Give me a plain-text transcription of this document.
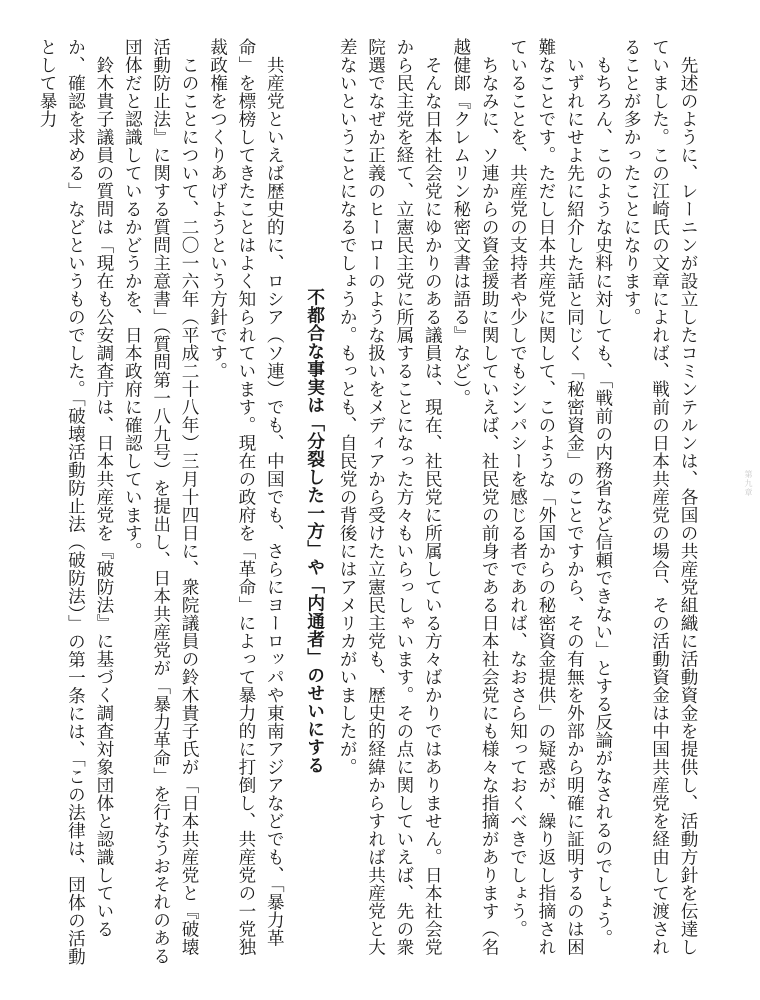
先述のように、レーニンが設立したコミンテルンは、各国の共産党組織に活動資金を提供し、活動方針を伝達していました。この江崎氏の文章によれば、戦前の日本共産党の場合、その活動資金は中国共産党を経由して渡されることが多かったことになります。

もちろん、このような史料に対しても、「戦前の内務省など信頼できない」とする反論がなされるのでしょう。

いずれにせよ先に紹介した話と同じく「秘密資金」のことですから、その有無を外部から明確に証明するのは困難なことです。ただし日本共産党に関して、このような「外国からの秘密資金提供」の疑惑が、繰り返し指摘されていることを、共産党の支持者や少しでもシンパシーを感じる者であれば、なおさら知っておくべきでしょう。

ちなみに、ソ連からの資金援助に関していえば、社民党の前身である日本社会党にも様々な指摘があります（名越健郎『クレムリン秘密文書は語る』など）。

そんな日本社会党にゆかりのある議員は、現在、社民党に所属している方々ばかりではありません。日本社会党から民主党を経て、立憲民主党に所属することになった方々もいらっしゃいます。その点に関していえば、先の衆院選でなぜか正義のヒーローのような扱いをメディアから受けた立憲民主党も、歴史的経緯からすれば共産党と大差ないということになるでしょうか。もっとも、自民党の背後にはアメリカがいましたが。

不都合な事実は「分裂した一方」や「内通者」のせいにする

共産党といえば歴史的に、ロシア（ソ連）でも、中国でも、さらにヨーロッパや東南アジアなどでも、「暴力革命」を標榜してきたことはよく知られています。現在の政府を「革命」によって暴力的に打倒し、共産党の一党独裁政権をつくりあげようという方針です。

このことについて、二〇一六年（平成二十八年）三月十四日に、衆院議員の鈴木貴子氏が「日本共産党と『破壊活動防止法』に関する質問主意書」（質問第一八九号）を提出し、日本共産党が「暴力革命」を行なうおそれのある団体だと認識しているかどうかを、日本政府に確認しています。

鈴木貴子議員の質問は「現在も公安調査庁は、日本共産党を『破防法』に基づく調査対象団体と認識しているか、確認を求める」などというものでした。「破壊活動防止法（破防法）」の第一条には、「この法律は、団体の活動として暴力

第九章
